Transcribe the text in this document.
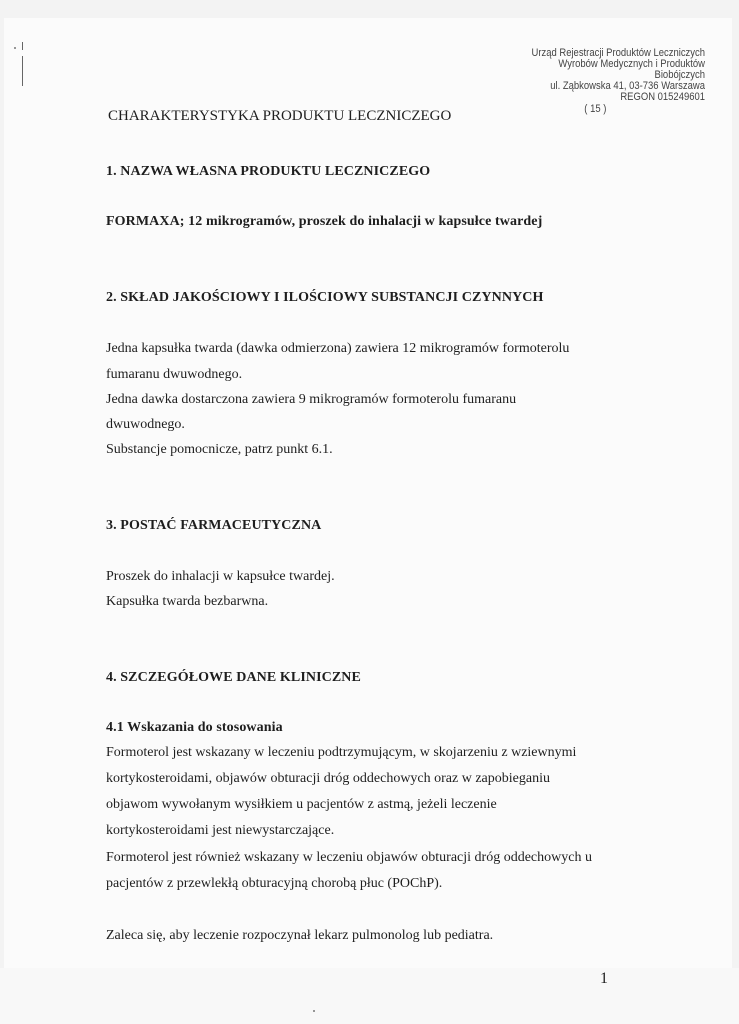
Urząd Rejestracji Produktów Leczniczych
Wyrobów Medycznych i Produktów Biobójczych
ul. Ząbkowska 41, 03-736 Warszawa
REGON 015249601
( 15 )
CHARAKTERYSTYKA PRODUKTU LECZNICZEGO
1. NAZWA WŁASNA PRODUKTU LECZNICZEGO
FORMAXA; 12 mikrogramów, proszek do inhalacji w kapsułce twardej
2. SKŁAD JAKOŚCIOWY I ILOŚCIOWY SUBSTANCJI CZYNNYCH
Jedna kapsułka twarda (dawka odmierzona) zawiera 12 mikrogramów formoterolu
fumaranu dwuwodnego.
Jedna dawka dostarczona zawiera 9 mikrogramów formoterolu fumaranu
dwuwodnego.
Substancje pomocnicze, patrz punkt 6.1.
3. POSTAĆ FARMACEUTYCZNA
Proszek do inhalacji w kapsułce twardej.
Kapsułka twarda bezbarwna.
4. SZCZEGÓŁOWE DANE KLINICZNE
4.1 Wskazania do stosowania
Formoterol jest wskazany w leczeniu podtrzymującym, w skojarzeniu z wziewnymi
kortykosteroidami, objawów obturacji dróg oddechowych oraz w zapobieganiu
objawom wywołanym wysiłkiem u pacjentów z astmą, jeżeli leczenie
kortykosteroidami jest niewystarczające.
Formoterol jest również wskazany w leczeniu objawów obturacji dróg oddechowych u
pacjentów z przewlekłą obturacyjną chorobą płuc (POChP).
Zaleca się, aby leczenie rozpoczynał lekarz pulmonolog lub pediatra.
1
